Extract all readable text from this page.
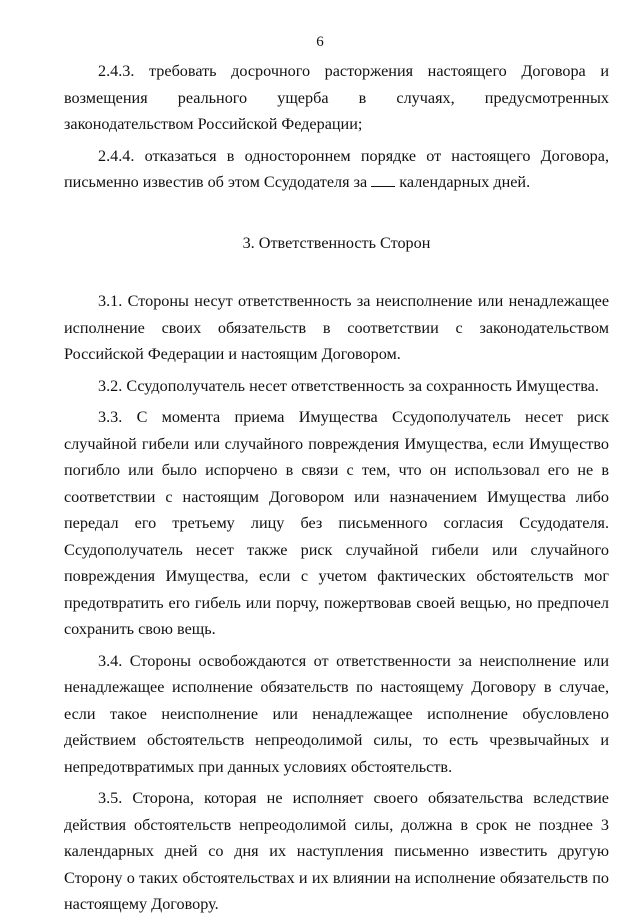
6

2.4.3. требовать досрочного расторжения настоящего Договора и возмещения реального ущерба в случаях, предусмотренных законодательством Российской Федерации;

2.4.4. отказаться в одностороннем порядке от настоящего Договора, письменно известив об этом Ссудодателя за  календарных дней.

3. Ответственность Сторон

3.1. Стороны несут ответственность за неисполнение или ненадлежащее исполнение своих обязательств в соответствии с законодательством Российской Федерации и настоящим Договором.

3.2. Ссудополучатель несет ответственность за сохранность Имущества.

3.3. С момента приема Имущества Ссудополучатель несет риск случайной гибели или случайного повреждения Имущества, если Имущество погибло или было испорчено в связи с тем, что он использовал его не в соответствии с настоящим Договором или назначением Имущества либо передал его третьему лицу без письменного согласия Ссудодателя. Ссудополучатель несет также риск случайной гибели или случайного повреждения Имущества, если с учетом фактических обстоятельств мог предотвратить его гибель или порчу, пожертвовав своей вещью, но предпочел сохранить свою вещь.

3.4. Стороны освобождаются от ответственности за неисполнение или ненадлежащее исполнение обязательств по настоящему Договору в случае, если такое неисполнение или ненадлежащее исполнение обусловлено действием обстоятельств непреодолимой силы, то есть чрезвычайных и непредотвратимых при данных условиях обстоятельств.

3.5. Сторона, которая не исполняет своего обязательства вследствие действия обстоятельств непреодолимой силы, должна в срок не позднее 3 календарных дней со дня их наступления письменно известить другую Сторону о таких обстоятельствах и их влиянии на исполнение обязательств по настоящему Договору.
